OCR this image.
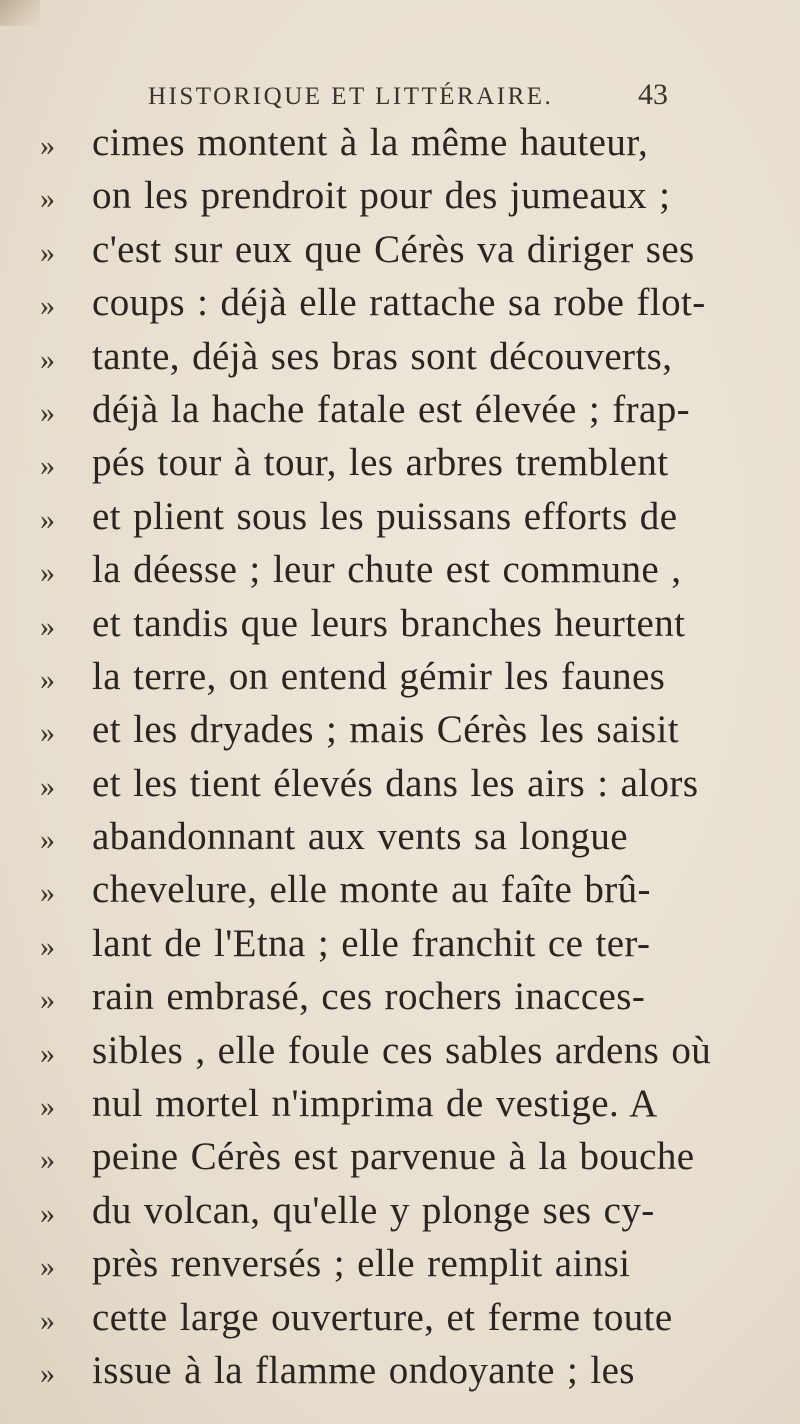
HISTORIQUE ET LITTÉRAIRE.	43
» cimes montent à la même hauteur,
» on les prendroit pour des jumeaux ;
» c'est sur eux que Cérès va diriger ses
» coups : déjà elle rattache sa robe flot-
» tante, déjà ses bras sont découverts,
» déjà la hache fatale est élevée ; frap-
» pés tour à tour, les arbres tremblent
» et plient sous les puissans efforts de
» la déesse ; leur chute est commune ,
» et tandis que leurs branches heurtent
» la terre, on entend gémir les faunes
» et les dryades ; mais Cérès les saisit
» et les tient élevés dans les airs : alors
» abandonnant aux vents sa longue
» chevelure, elle monte au faîte brû-
» lant de l'Etna ; elle franchit ce ter-
» rain embrasé, ces rochers inacces-
» sibles , elle foule ces sables ardens où
» nul mortel n'imprima de vestige. A
» peine Cérès est parvenue à la bouche
» du volcan, qu'elle y plonge ses cy-
» près renversés ; elle remplit ainsi
» cette large ouverture, et ferme toute
» issue à la flamme ondoyante ; les
